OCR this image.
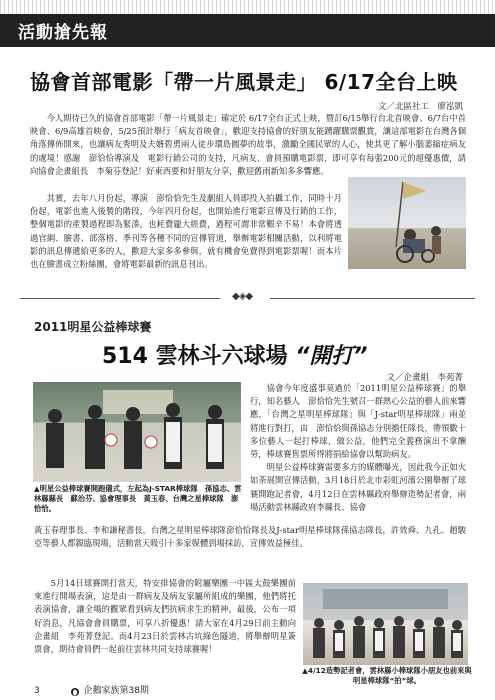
活動搶先報
協會首部電影「帶一片風景走」 6/17全台上映
文／北區社工　廖泓凱

今人期待已久的協會首部電影「帶一片風景走」確定於 6/17全台正式上映，暨訂6/15舉行台北首映會、6/7台中首映會、6/9高雄首映會，5/25預計舉行「病友首映會」，歡迎支持協會的好朋友能踴躍購票觀賞，讓這部電影在台灣各個角落傳佈開來，也讓病友秀明及夫婿碧勇兩人徒步環島圓夢的故事，激勵全國民眾的人心，使其更了解小腦萎縮症病友的處境！感謝　澎恰恰導演及　電影行銷公司的支持，凡病友、會員預購電影票，即可享有每張200元的超優惠價，請向協會企畫組長　李菊芬登記！好東西要和好朋友分享，歡迎舊雨新知多多響應。

其實，去年八月份起，導演　澎恰恰先生及劇組人員即投入拍攝工作，同時十月份起，電影也進入後製的階段，今年四月份起，也開始進行電影宣傳及行銷的工作，整個電影的產製過程即為緊湊，也耗費龐大經費，過程可謂非常艱辛不易！本會將透過官網、臉書、部落格、季刊等各種不同的宣傳管道，舉辦電影相關活動，以利將電影的訊息傳遞給更多的人，歡迎大家多多參與，就有機會免費得到電影票喔！而本片也在臉書成立粉絲團，會將電影最新的訊息刊出。

◆◈◆
2011明星公益棒球賽
514 雲林斗六球場 “開打”
文／企畫組　李苑菁
▲明星公益棒球賽開跑儀式，左起為J-STAR棒球隊　孫協志、雲林縣縣長　蘇治芬、協會理事長　黃玉春、台灣之星棒球隊　澎恰恰。

協會今年度盛事莫過於「2011明星公益棒球賽」的舉行，知名藝人　澎恰恰先生號召一群熱心公益的藝人前來響應，「台灣之星明星棒球隊」與「J-star明星棒球隊」兩並將進行對打，由　澎恰恰與孫協志分別擔任隊長，帶領數十多位藝人一起打棒球，做公益，他們完全義務演出不拿酬勞，棒球賽售票所得將捐給協會以幫助病友。

明星公益棒球賽需要多方的媒體曝光，因此我今正如火如荼展開宣傳活動，3月18日於北市彩虹河濱公園舉辦了球賽開跑記者會，4月12日在雲林縣政府舉辦造勢記者會，兩場活動雲林縣政府李縣長、協會

黃玉春理事長、李和謙秘書長，台灣之星明星棒球隊澎恰恰隊長及J-star明星棒球隊孫協志隊長，許效舜、九孔、趙駿亞等藝人都親臨現場，活動當天吸引十多家媒體到場採訪，宣傳效益極佳。

5月14日球賽開打當天，特安排協會的附屬樂團一中區太鼓樂團前來進行開場表演，這是由一群病友及病友家屬所組成的樂團，他們將托表演協會，讓全場的觀眾看到病友們抗病求生的精神。最後，公布一項好消息，凡協會會員購票，可享八折優惠！請大家在4月29日前主動向企畫組　李苑菁登記。而4月23日於雲林古坑綠色隧道，將舉辦明星簽票會，期待會員們一起前往雲林共同支持球賽喔！

▲4/12造勢記者會，雲林縣小棒球隊小朋友也前來與明星棒球隊“拍”球。
3	企鵝家族第38期
